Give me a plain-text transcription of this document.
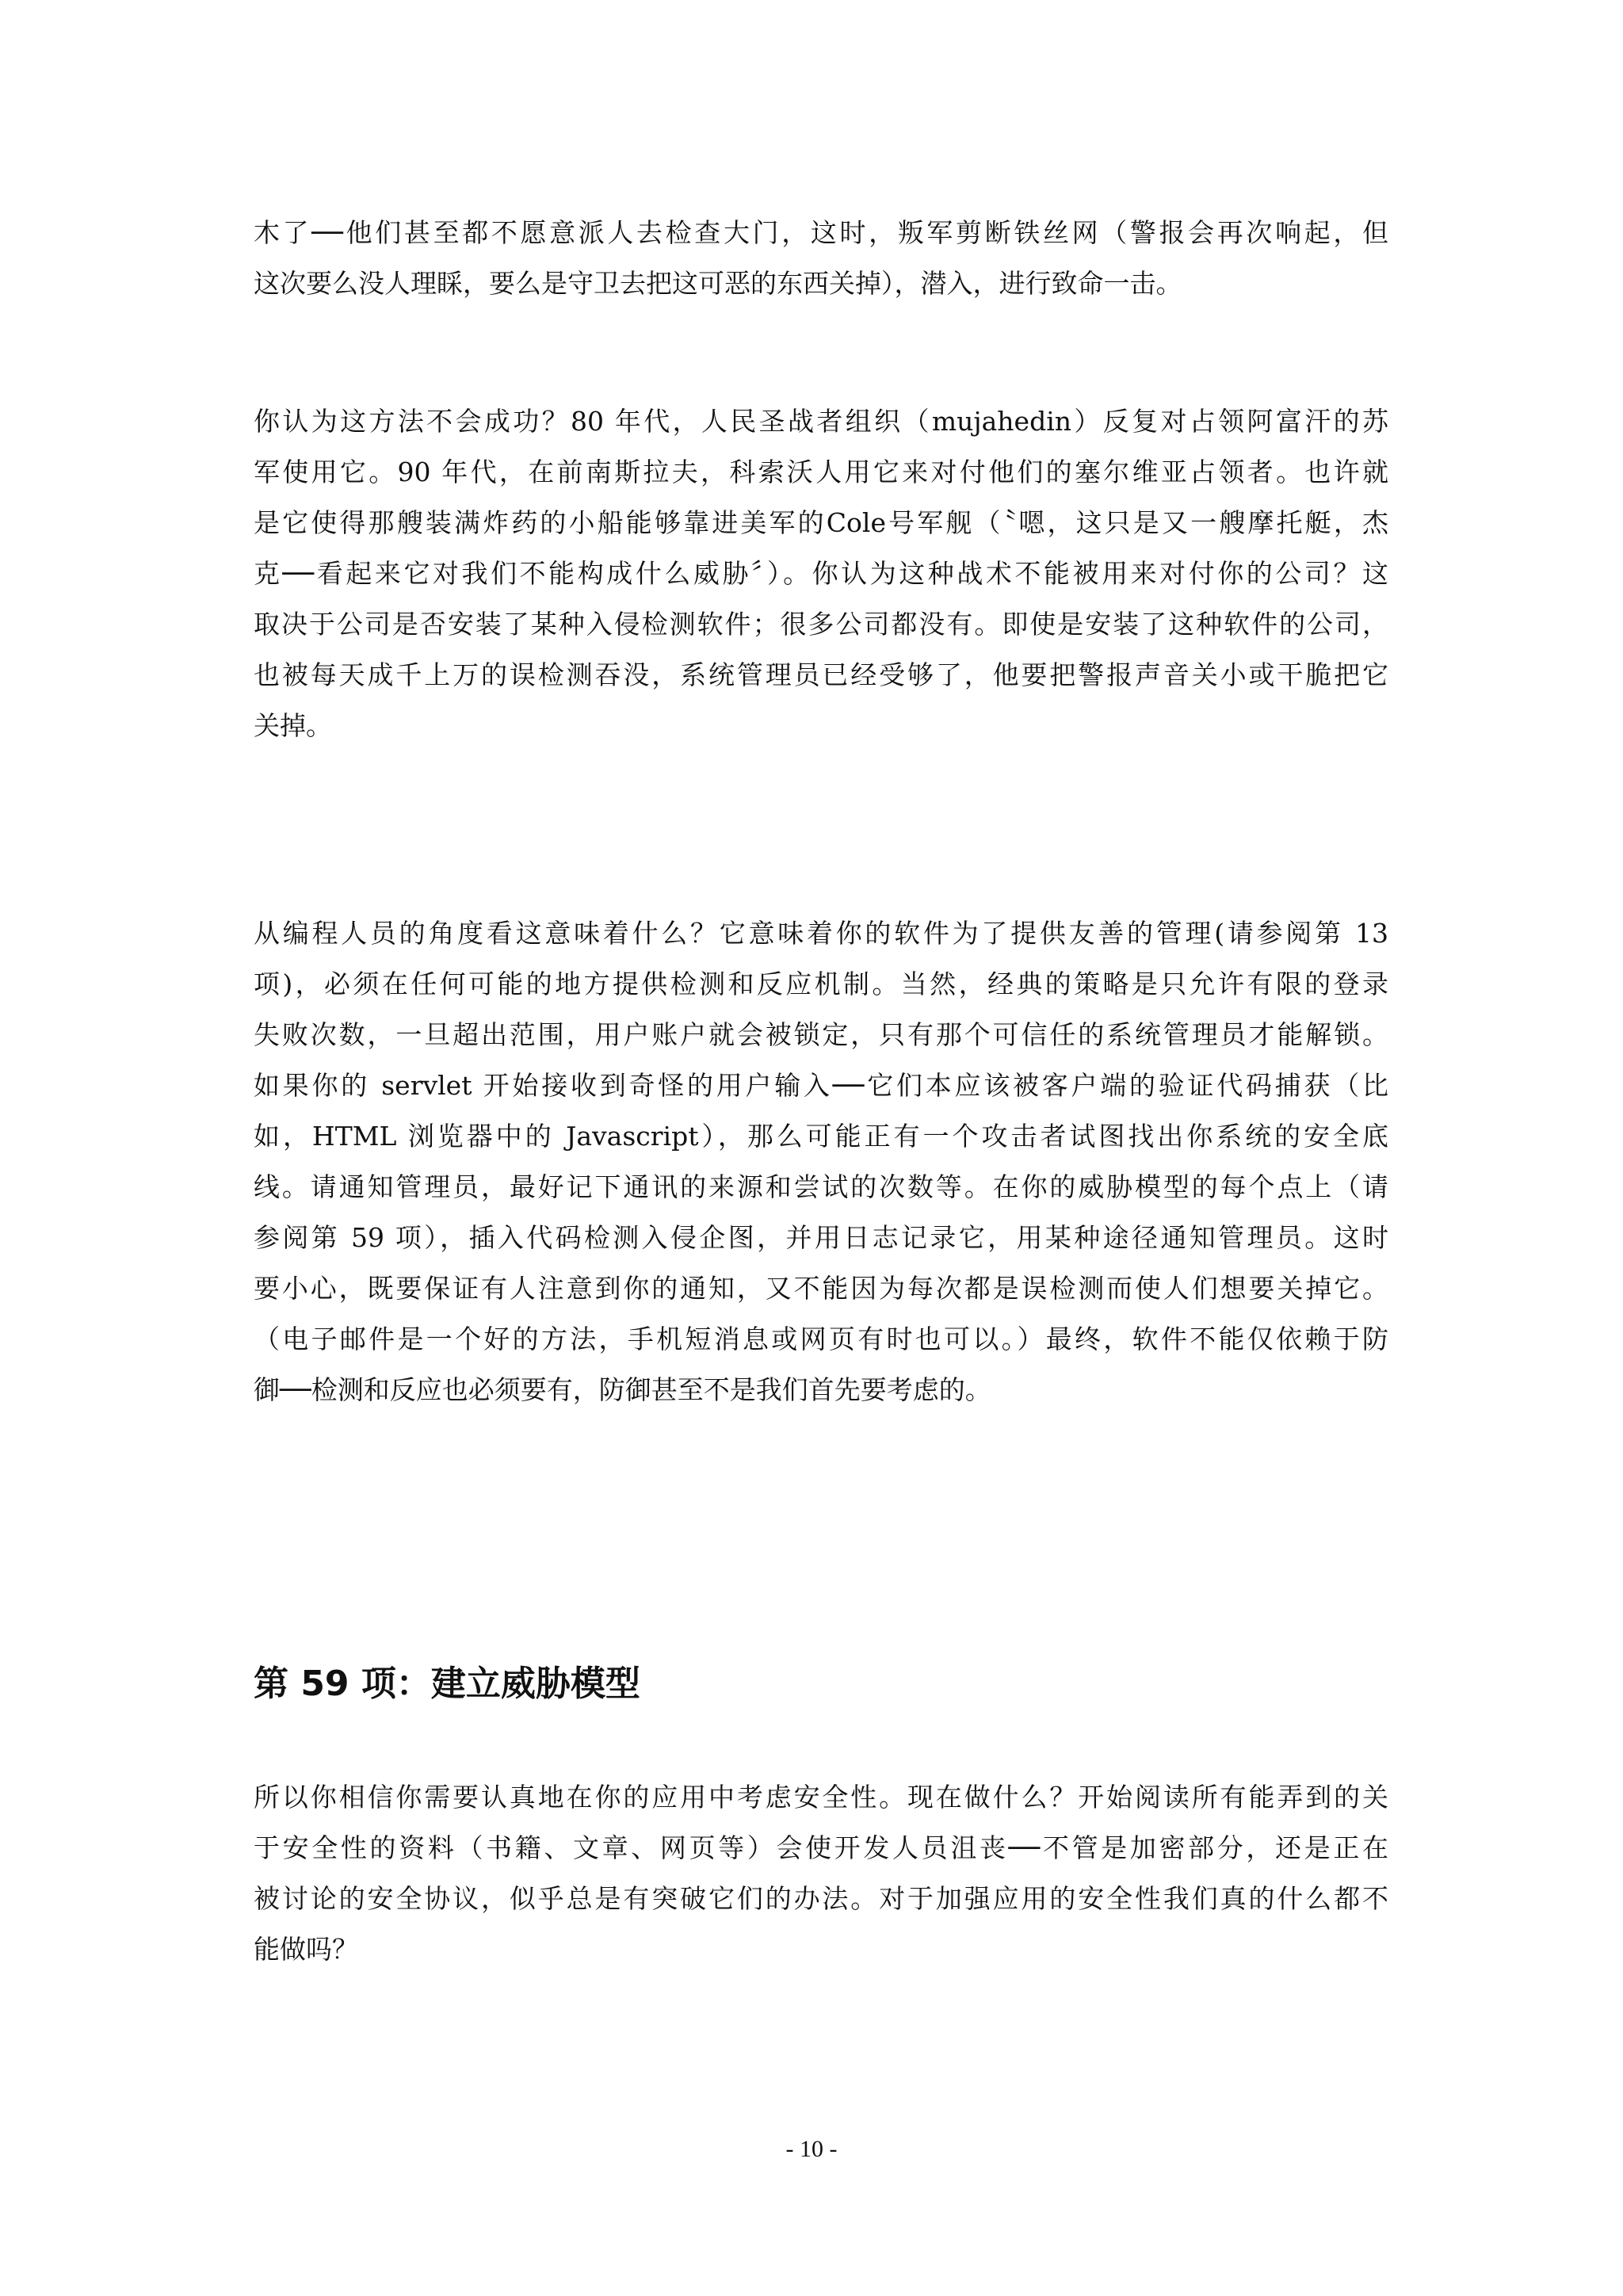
木了──他们甚至都不愿意派人去检查大门，这时，叛军剪断铁丝网（警报会再次响起，但
这次要么没人理睬，要么是守卫去把这可恶的东西关掉），潜入，进行致命一击。
你认为这方法不会成功？80 年代，人民圣战者组织（mujahedin）反复对占领阿富汗的苏
军使用它。90 年代，在前南斯拉夫，科索沃人用它来对付他们的塞尔维亚占领者。也许就
是它使得那艘装满炸药的小船能够靠进美军的Cole号军舰（〝嗯，这只是又一艘摩托艇，杰
克──看起来它对我们不能构成什么威胁〞）。你认为这种战术不能被用来对付你的公司？这
取决于公司是否安装了某种入侵检测软件；很多公司都没有。即使是安装了这种软件的公司，
也被每天成千上万的误检测吞没，系统管理员已经受够了，他要把警报声音关小或干脆把它
关掉。
从编程人员的角度看这意味着什么？它意味着你的软件为了提供友善的管理(请参阅第 13
项)，必须在任何可能的地方提供检测和反应机制。当然，经典的策略是只允许有限的登录
失败次数，一旦超出范围，用户账户就会被锁定，只有那个可信任的系统管理员才能解锁。
如果你的 servlet 开始接收到奇怪的用户输入──它们本应该被客户端的验证代码捕获（比
如，HTML 浏览器中的 Javascript），那么可能正有一个攻击者试图找出你系统的安全底
线。请通知管理员，最好记下通讯的来源和尝试的次数等。在你的威胁模型的每个点上（请
参阅第 59 项），插入代码检测入侵企图，并用日志记录它，用某种途径通知管理员。这时
要小心，既要保证有人注意到你的通知，又不能因为每次都是误检测而使人们想要关掉它。
（电子邮件是一个好的方法，手机短消息或网页有时也可以。）最终，软件不能仅依赖于防
御──检测和反应也必须要有，防御甚至不是我们首先要考虑的。
第 59 项：建立威胁模型
所以你相信你需要认真地在你的应用中考虑安全性。现在做什么？开始阅读所有能弄到的关
于安全性的资料（书籍、文章、网页等）会使开发人员沮丧──不管是加密部分，还是正在
被讨论的安全协议，似乎总是有突破它们的办法。对于加强应用的安全性我们真的什么都不
能做吗？
- 10 -
